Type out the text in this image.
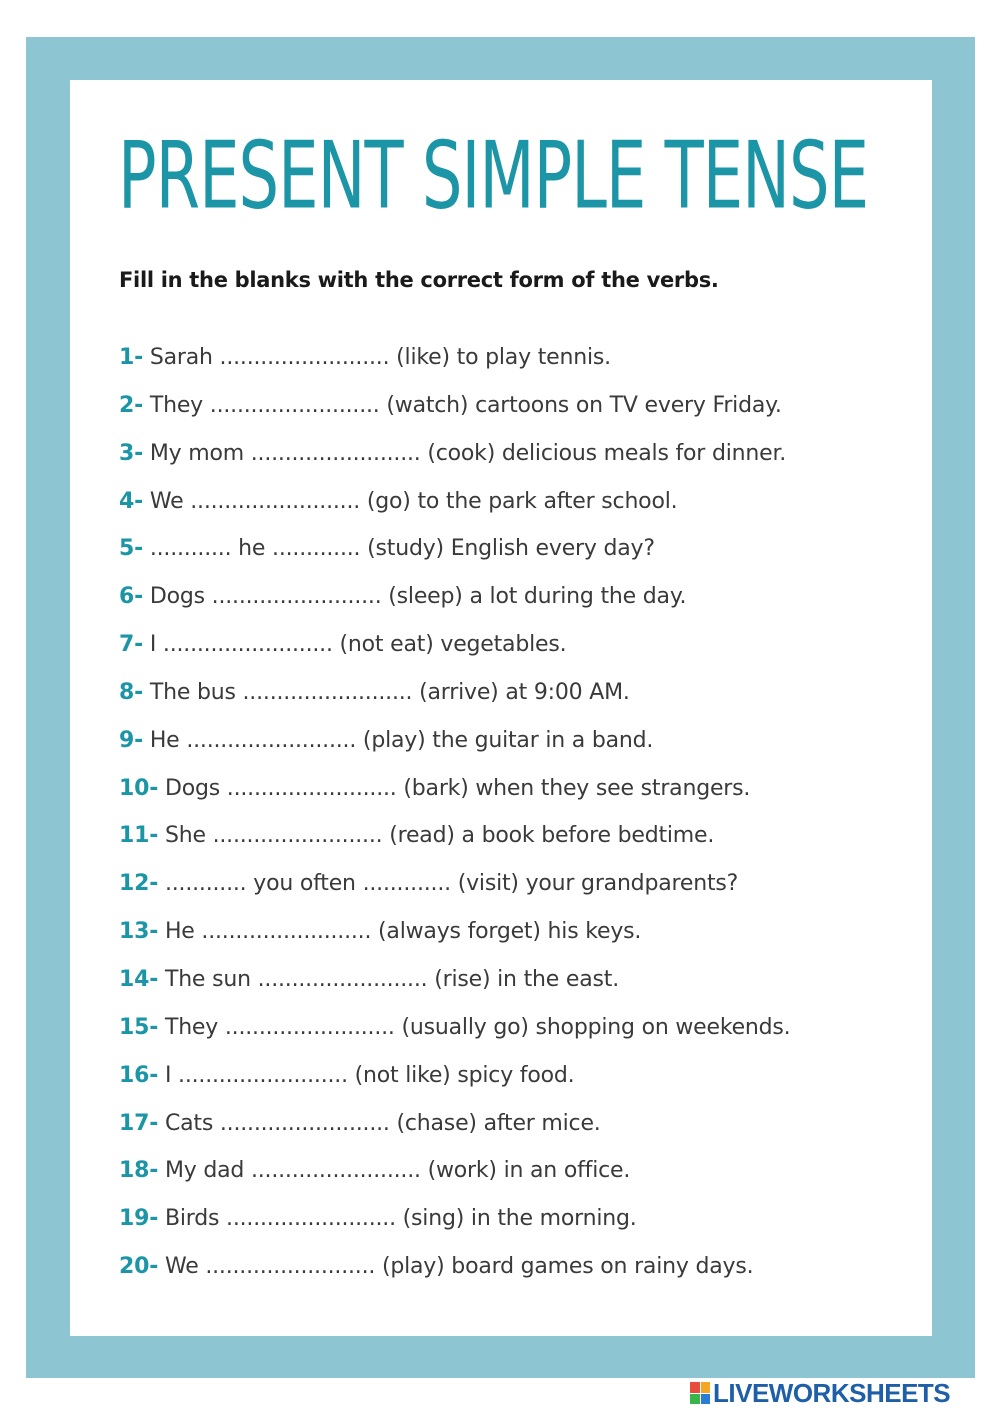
PRESENT SIMPLE TENSE

Fill in the blanks with the correct form of the verbs.

1- Sarah ......................... (like) to play tennis.
2- They ......................... (watch) cartoons on TV every Friday.
3- My mom ......................... (cook) delicious meals for dinner.
4- We ......................... (go) to the park after school.
5- ............ he ............. (study) English every day?
6- Dogs ......................... (sleep) a lot during the day.
7- I ......................... (not eat) vegetables.
8- The bus ......................... (arrive) at 9:00 AM.
9- He ......................... (play) the guitar in a band.
10- Dogs ......................... (bark) when they see strangers.
11- She ......................... (read) a book before bedtime.
12- ............ you often ............. (visit) your grandparents?
13- He ......................... (always forget) his keys.
14- The sun ......................... (rise) in the east.
15- They ......................... (usually go) shopping on weekends.
16- I ......................... (not like) spicy food.
17- Cats ......................... (chase) after mice.
18- My dad ......................... (work) in an office.
19- Birds ......................... (sing) in the morning.
20- We ......................... (play) board games on rainy days.
LIVEWORKSHEETS
